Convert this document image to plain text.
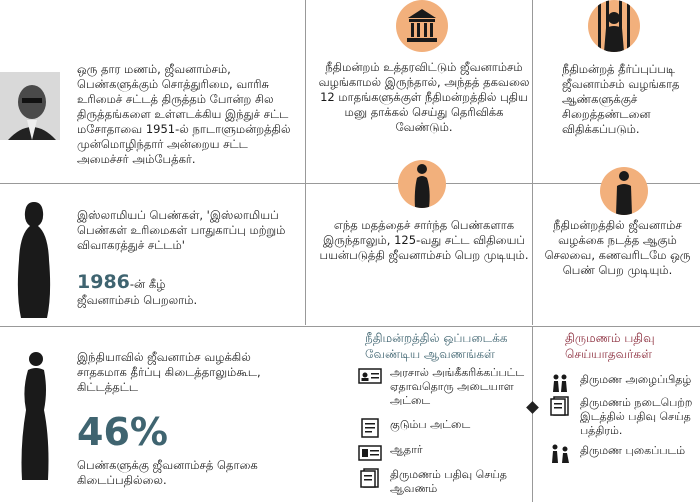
ஒரு தார மணம், ஜீவனாம்சம், பெண்களுக்கும் சொத்துரிமை, வாரிசு உரிமைச் சட்டத் திருத்தம் போன்ற சில திருத்தங்களை உள்ளடக்கிய இந்துச் சட்ட மசோதாவை 1951-ல் நாடாளுமன்றத்தில் முன்மொழிந்தார் அன்றைய சட்ட அமைச்சர் அம்பேத்கர்.
நீதிமன்றம் உத்தரவிட்டும் ஜீவனாம்சம் வழங்காமல் இருந்தால், அந்தத் தகவலை 12 மாதங்களுக்குள் நீதிமன்றத்தில் புதிய மனு தாக்கல் செய்து தெரிவிக்க வேண்டும்.
நீதிமன்றத் தீர்ப்புப்படி ஜீவனாம்சம் வழங்காத ஆண்களுக்குச் சிறைத்தண்டனை விதிக்கப்படும்.
இஸ்லாமியப் பெண்கள், 'இஸ்லாமியப் பெண்கள் உரிமைகள் பாதுகாப்பு மற்றும் விவாகரத்துச் சட்டம்'
1986-ன் கீழ்
ஜீவனாம்சம் பெறலாம்.
எந்த மதத்தைச் சார்ந்த பெண்களாக இருந்தாலும், 125-வது சட்ட விதியைப் பயன்படுத்தி ஜீவனாம்சம் பெற முடியும்.
நீதிமன்றத்தில் ஜீவனாம்ச வழக்கை நடத்த ஆகும் செலவை, கணவரிடமே ஒரு பெண் பெற முடியும்.
இந்தியாவில் ஜீவனாம்ச வழக்கில் சாதகமாக தீர்ப்பு கிடைத்தாலும்கூட, கிட்டத்தட்ட
46%
பெண்களுக்கு ஜீவனாம்சத் தொகை கிடைப்பதில்லை.
நீதிமன்றத்தில் ஒப்படைக்க வேண்டிய ஆவணங்கள்
அரசால் அங்கீகரிக்கப்பட்ட ஏதாவதொரு அடையாள அட்டை
குடும்ப அட்டை
ஆதார்
திருமணம் பதிவு செய்த ஆவணம்
திருமணம் பதிவு செய்யாதவர்கள்
திருமண அழைப்பிதழ்
திருமணம் நடைபெற்ற இடத்தில் பதிவு செய்த பத்திரம்.
திருமண புகைப்படம்
